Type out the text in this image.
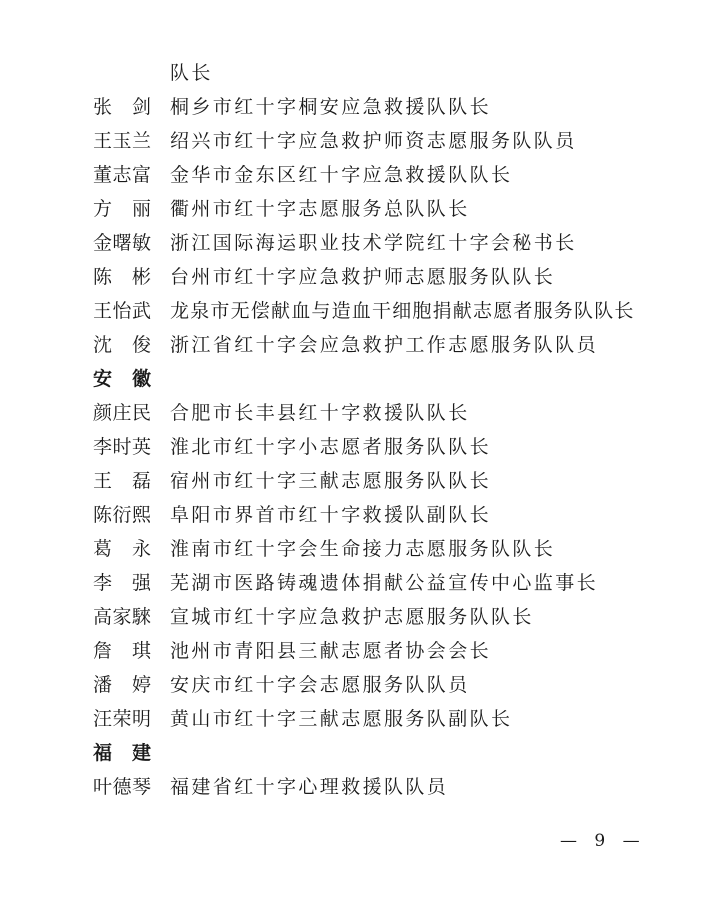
队长
张　剑 桐乡市红十字桐安应急救援队队长
王玉兰 绍兴市红十字应急救护师资志愿服务队队员
董志富 金华市金东区红十字应急救援队队长
方　丽 衢州市红十字志愿服务总队队长
金曙敏 浙江国际海运职业技术学院红十字会秘书长
陈　彬 台州市红十字应急救护师志愿服务队队长
王怡武 龙泉市无偿献血与造血干细胞捐献志愿者服务队队长
沈　俊 浙江省红十字会应急救护工作志愿服务队队员
安　徽
颜庄民 合肥市长丰县红十字救援队队长
李时英 淮北市红十字小志愿者服务队队长
王　磊 宿州市红十字三献志愿服务队队长
陈衍熙 阜阳市界首市红十字救援队副队长
葛　永 淮南市红十字会生命接力志愿服务队队长
李　强 芜湖市医路铸魂遗体捐献公益宣传中心监事长
高家騋 宣城市红十字应急救护志愿服务队队长
詹　琪 池州市青阳县三献志愿者协会会长
潘　婷 安庆市红十字会志愿服务队队员
汪荣明 黄山市红十字三献志愿服务队副队长
福　建
叶德琴 福建省红十字心理救援队队员
— 9 —
